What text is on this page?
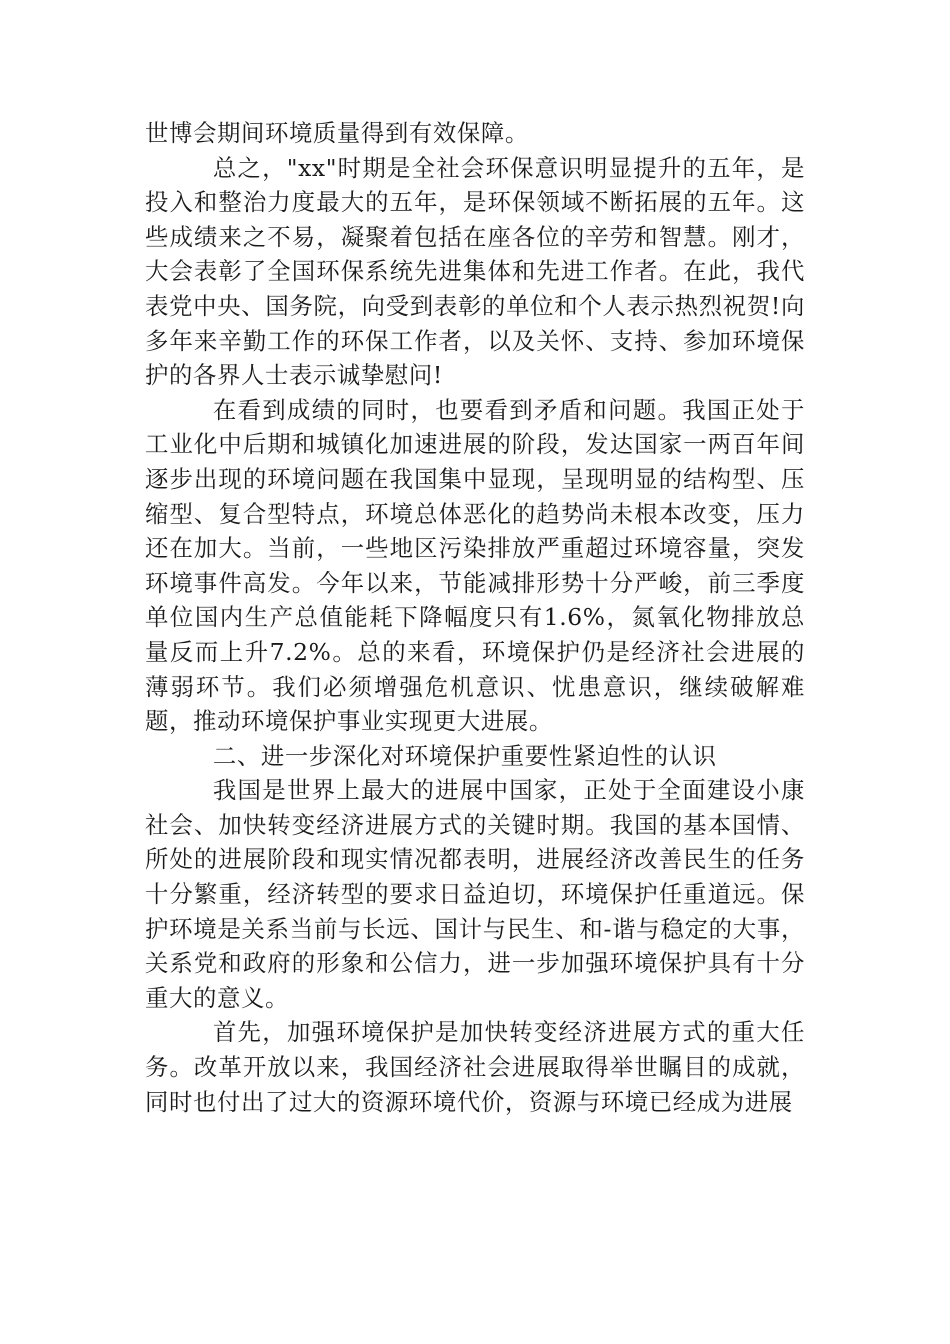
世博会期间环境质量得到有效保障。

总之，"xx"时期是全社会环保意识明显提升的五年，是投入和整治力度最大的五年，是环保领域不断拓展的五年。这些成绩来之不易，凝聚着包括在座各位的辛劳和智慧。刚才，大会表彰了全国环保系统先进集体和先进工作者。在此，我代表党中央、国务院，向受到表彰的单位和个人表示热烈祝贺!向多年来辛勤工作的环保工作者，以及关怀、支持、参加环境保护的各界人士表示诚挚慰问!

在看到成绩的同时，也要看到矛盾和问题。我国正处于工业化中后期和城镇化加速进展的阶段，发达国家一两百年间逐步出现的环境问题在我国集中显现，呈现明显的结构型、压缩型、复合型特点，环境总体恶化的趋势尚未根本改变，压力还在加大。当前，一些地区污染排放严重超过环境容量，突发环境事件高发。今年以来，节能减排形势十分严峻，前三季度单位国内生产总值能耗下降幅度只有1.6%，氮氧化物排放总量反而上升7.2%。总的来看，环境保护仍是经济社会进展的薄弱环节。我们必须增强危机意识、忧患意识，继续破解难题，推动环境保护事业实现更大进展。

二、进一步深化对环境保护重要性紧迫性的认识

我国是世界上最大的进展中国家，正处于全面建设小康社会、加快转变经济进展方式的关键时期。我国的基本国情、所处的进展阶段和现实情况都表明，进展经济改善民生的任务十分繁重，经济转型的要求日益迫切，环境保护任重道远。保护环境是关系当前与长远、国计与民生、和-谐与稳定的大事，关系党和政府的形象和公信力，进一步加强环境保护具有十分重大的意义。

首先，加强环境保护是加快转变经济进展方式的重大任务。改革开放以来，我国经济社会进展取得举世瞩目的成就，同时也付出了过大的资源环境代价，资源与环境已经成为进展
